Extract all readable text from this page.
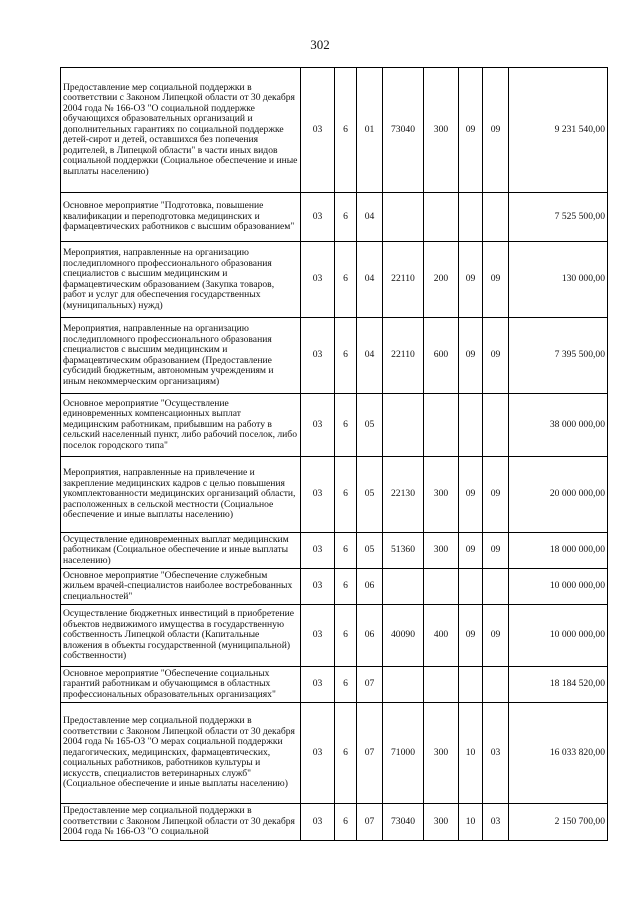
302
Предоставление мер социальной поддержки в соответствии с Законом Липецкой области от 30 декабря 2004 года № 166-ОЗ "О социальной поддержке обучающихся образовательных организаций и дополнительных гарантиях по социальной поддержке детей-сирот и детей, оставшихся без попечения родителей, в Липецкой области" в части иных видов социальной поддержки (Социальное обеспечение и иные выплаты населению)	03	6	01	73040	300	09	09	9 231 540,00
Основное мероприятие "Подготовка, повышение квалификации и переподготовка медицинских и фармацевтических работников с высшим образованием"	03	6	04					7 525 500,00
Мероприятия, направленные на организацию последипломного профессионального образования специалистов с высшим медицинским и фармацевтическим образованием (Закупка товаров, работ и услуг для обеспечения государственных (муниципальных) нужд)	03	6	04	22110	200	09	09	130 000,00
Мероприятия, направленные на организацию последипломного профессионального образования специалистов с высшим медицинским и фармацевтическим образованием (Предоставление субсидий бюджетным, автономным учреждениям и иным некоммерческим организациям)	03	6	04	22110	600	09	09	7 395 500,00
Основное мероприятие "Осуществление единовременных компенсационных выплат медицинским работникам, прибывшим на работу в сельский населенный пункт, либо рабочий поселок, либо поселок городского типа"	03	6	05					38 000 000,00
Мероприятия, направленные на привлечение и закрепление медицинских кадров с целью повышения укомплектованности медицинских организаций области, расположенных в сельской местности (Социальное обеспечение и иные выплаты населению)	03	6	05	22130	300	09	09	20 000 000,00
Осуществление единовременных выплат медицинским работникам (Социальное обеспечение и иные выплаты населению)	03	6	05	51360	300	09	09	18 000 000,00
Основное мероприятие "Обеспечение служебным жильем врачей-специалистов наиболее востребованных специальностей"	03	6	06					10 000 000,00
Осуществление бюджетных инвестиций в приобретение объектов недвижимого имущества в государственную собственность Липецкой области (Капитальные вложения в объекты государственной (муниципальной) собственности)	03	6	06	40090	400	09	09	10 000 000,00
Основное мероприятие "Обеспечение социальных гарантий работникам и обучающимся в областных профессиональных образовательных организациях"	03	6	07					18 184 520,00
Предоставление мер социальной поддержки в соответствии с Законом Липецкой области от 30 декабря 2004 года № 165-ОЗ "О мерах социальной поддержки педагогических, медицинских, фармацевтических, социальных работников, работников культуры и искусств, специалистов ветеринарных служб" (Социальное обеспечение и иные выплаты населению)	03	6	07	71000	300	10	03	16 033 820,00
Предоставление мер социальной поддержки в соответствии с Законом Липецкой области от 30 декабря 2004 года № 166-ОЗ "О социальной	03	6	07	73040	300	10	03	2 150 700,00
